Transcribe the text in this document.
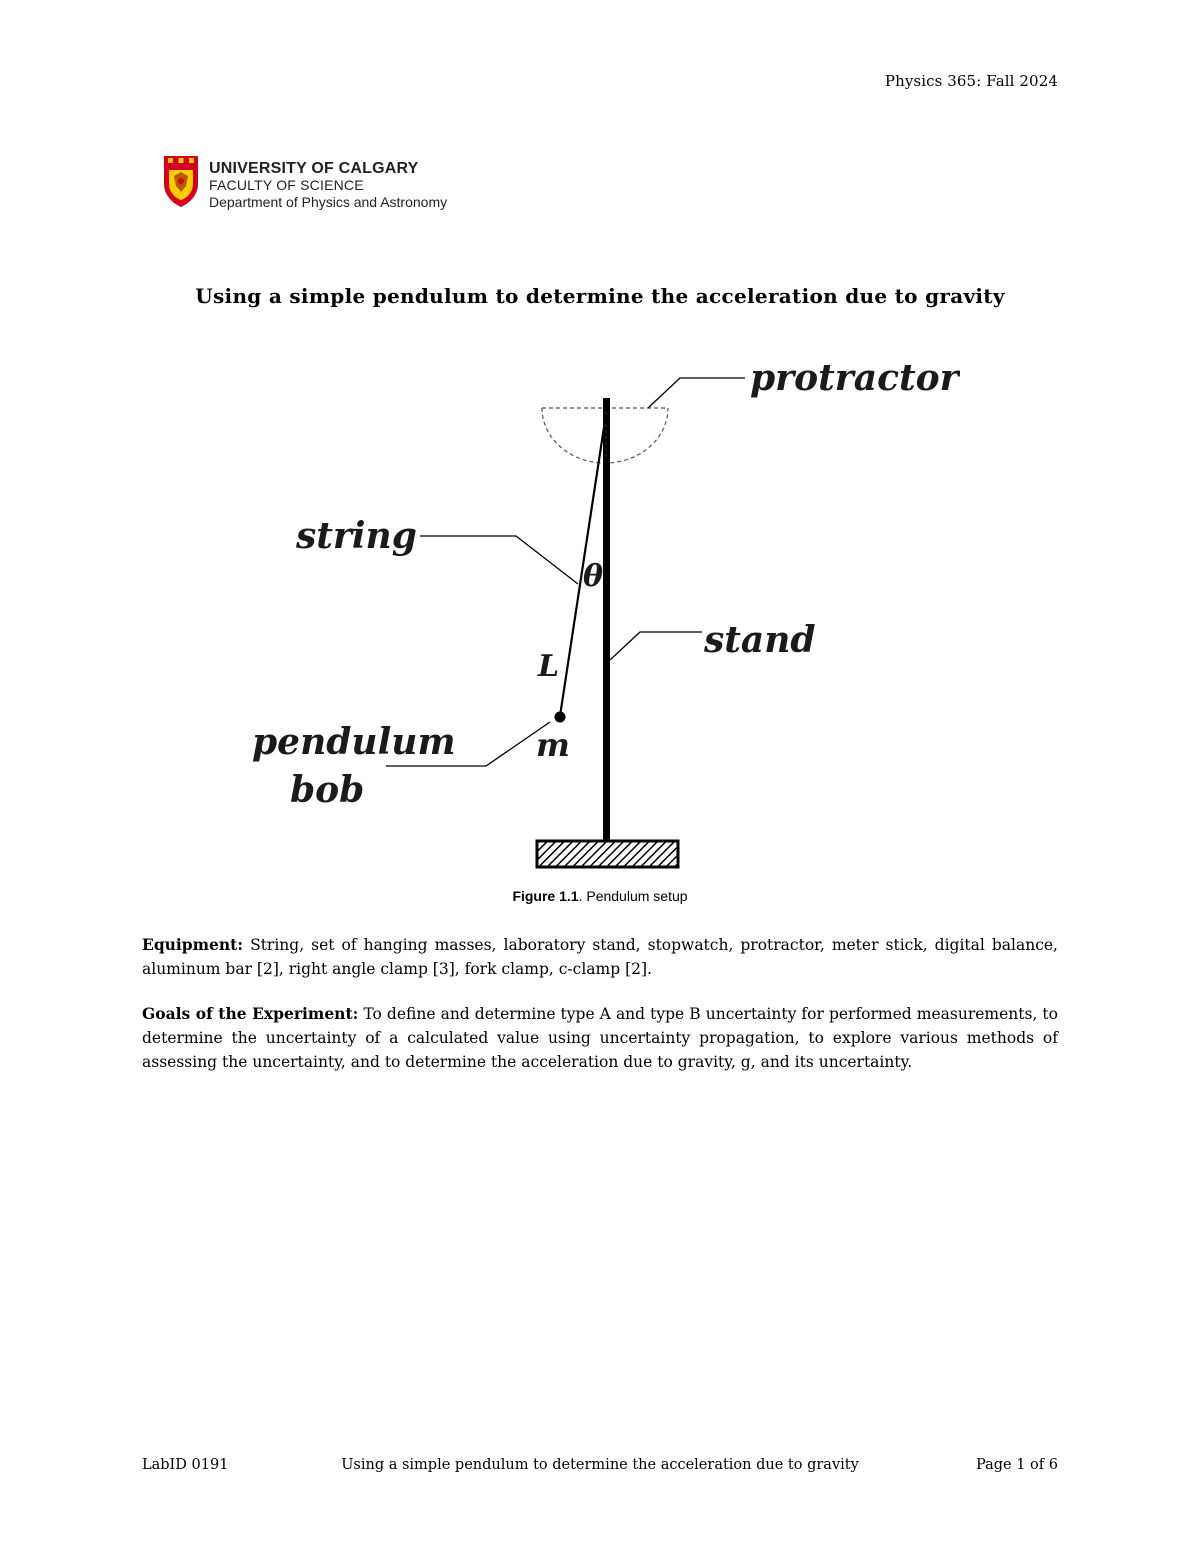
Physics 365: Fall 2024
UNIVERSITY OF CALGARY
FACULTY OF SCIENCE
Department of Physics and Astronomy
Using a simple pendulum to determine the acceleration due to gravity
protractor
string
θ
stand
L
pendulum
bob
m
Figure 1.1. Pendulum setup
Equipment: String, set of hanging masses, laboratory stand, stopwatch, protractor, meter stick, digital balance, aluminum bar [2], right angle clamp [3], fork clamp, c-clamp [2].
Goals of the Experiment: To define and determine type A and type B uncertainty for performed measurements, to determine the uncertainty of a calculated value using uncertainty propagation, to explore various methods of assessing the uncertainty, and to determine the acceleration due to gravity, g, and its uncertainty.
LabID 0191	Using a simple pendulum to determine the acceleration due to gravity	Page 1 of 6
